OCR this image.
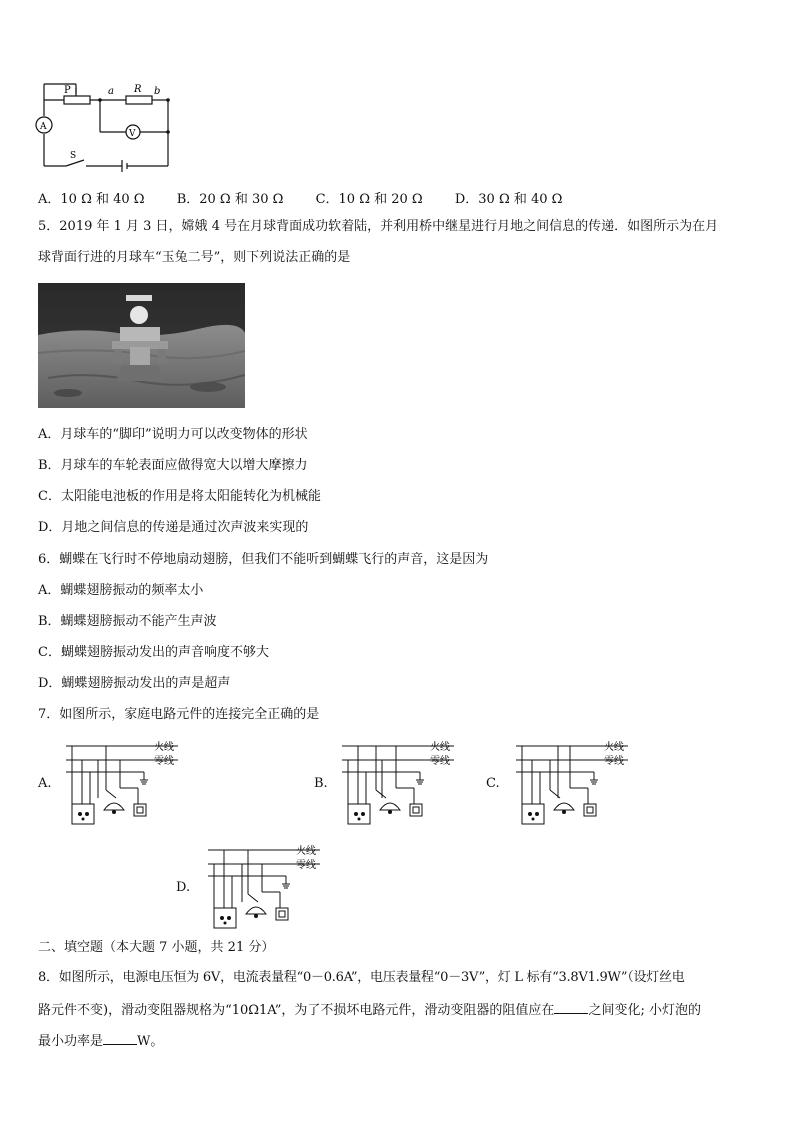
P	a R b
A
V
S
A．10 Ω 和 40 Ω B．20 Ω 和 30 Ω C．10 Ω 和 20 Ω D．30 Ω 和 40 Ω
5．2019 年 1 月 3 日，嫦娥 4 号在月球背面成功软着陆，并利用桥中继星进行月地之间信息的传递．如图所示为在月
球背面行进的月球车“玉兔二号”，则下列说法正确的是
A．月球车的“脚印”说明力可以改变物体的形状
B．月球车的车轮表面应做得宽大以增大摩擦力
C．太阳能电池板的作用是将太阳能转化为机械能
D．月地之间信息的传递是通过次声波来实现的
6．蝴蝶在飞行时不停地扇动翅膀，但我们不能听到蝴蝶飞行的声音，这是因为
A．蝴蝶翅膀振动的频率太小
B．蝴蝶翅膀振动不能产生声波
C．蝴蝶翅膀振动发出的声音响度不够大
D．蝴蝶翅膀振动发出的声是超声
7．如图所示，家庭电路元件的连接完全正确的是
A.
火线
零线
B.
火线
零线
C.
火线
零线
D.
火线
零线
二、填空题（本大题 7 小题，共 21 分）
8．如图所示，电源电压恒为 6V，电流表量程“0－0.6A”，电压表量程“0－3V”，灯 L 标有“3.8V1.9W”（设灯丝电
路元件不变)，滑动变阻器规格为“10Ω1A”，为了不损坏电路元件，滑动变阻器的阻值应在	之间变化; 小灯泡的
最小功率是	W。
